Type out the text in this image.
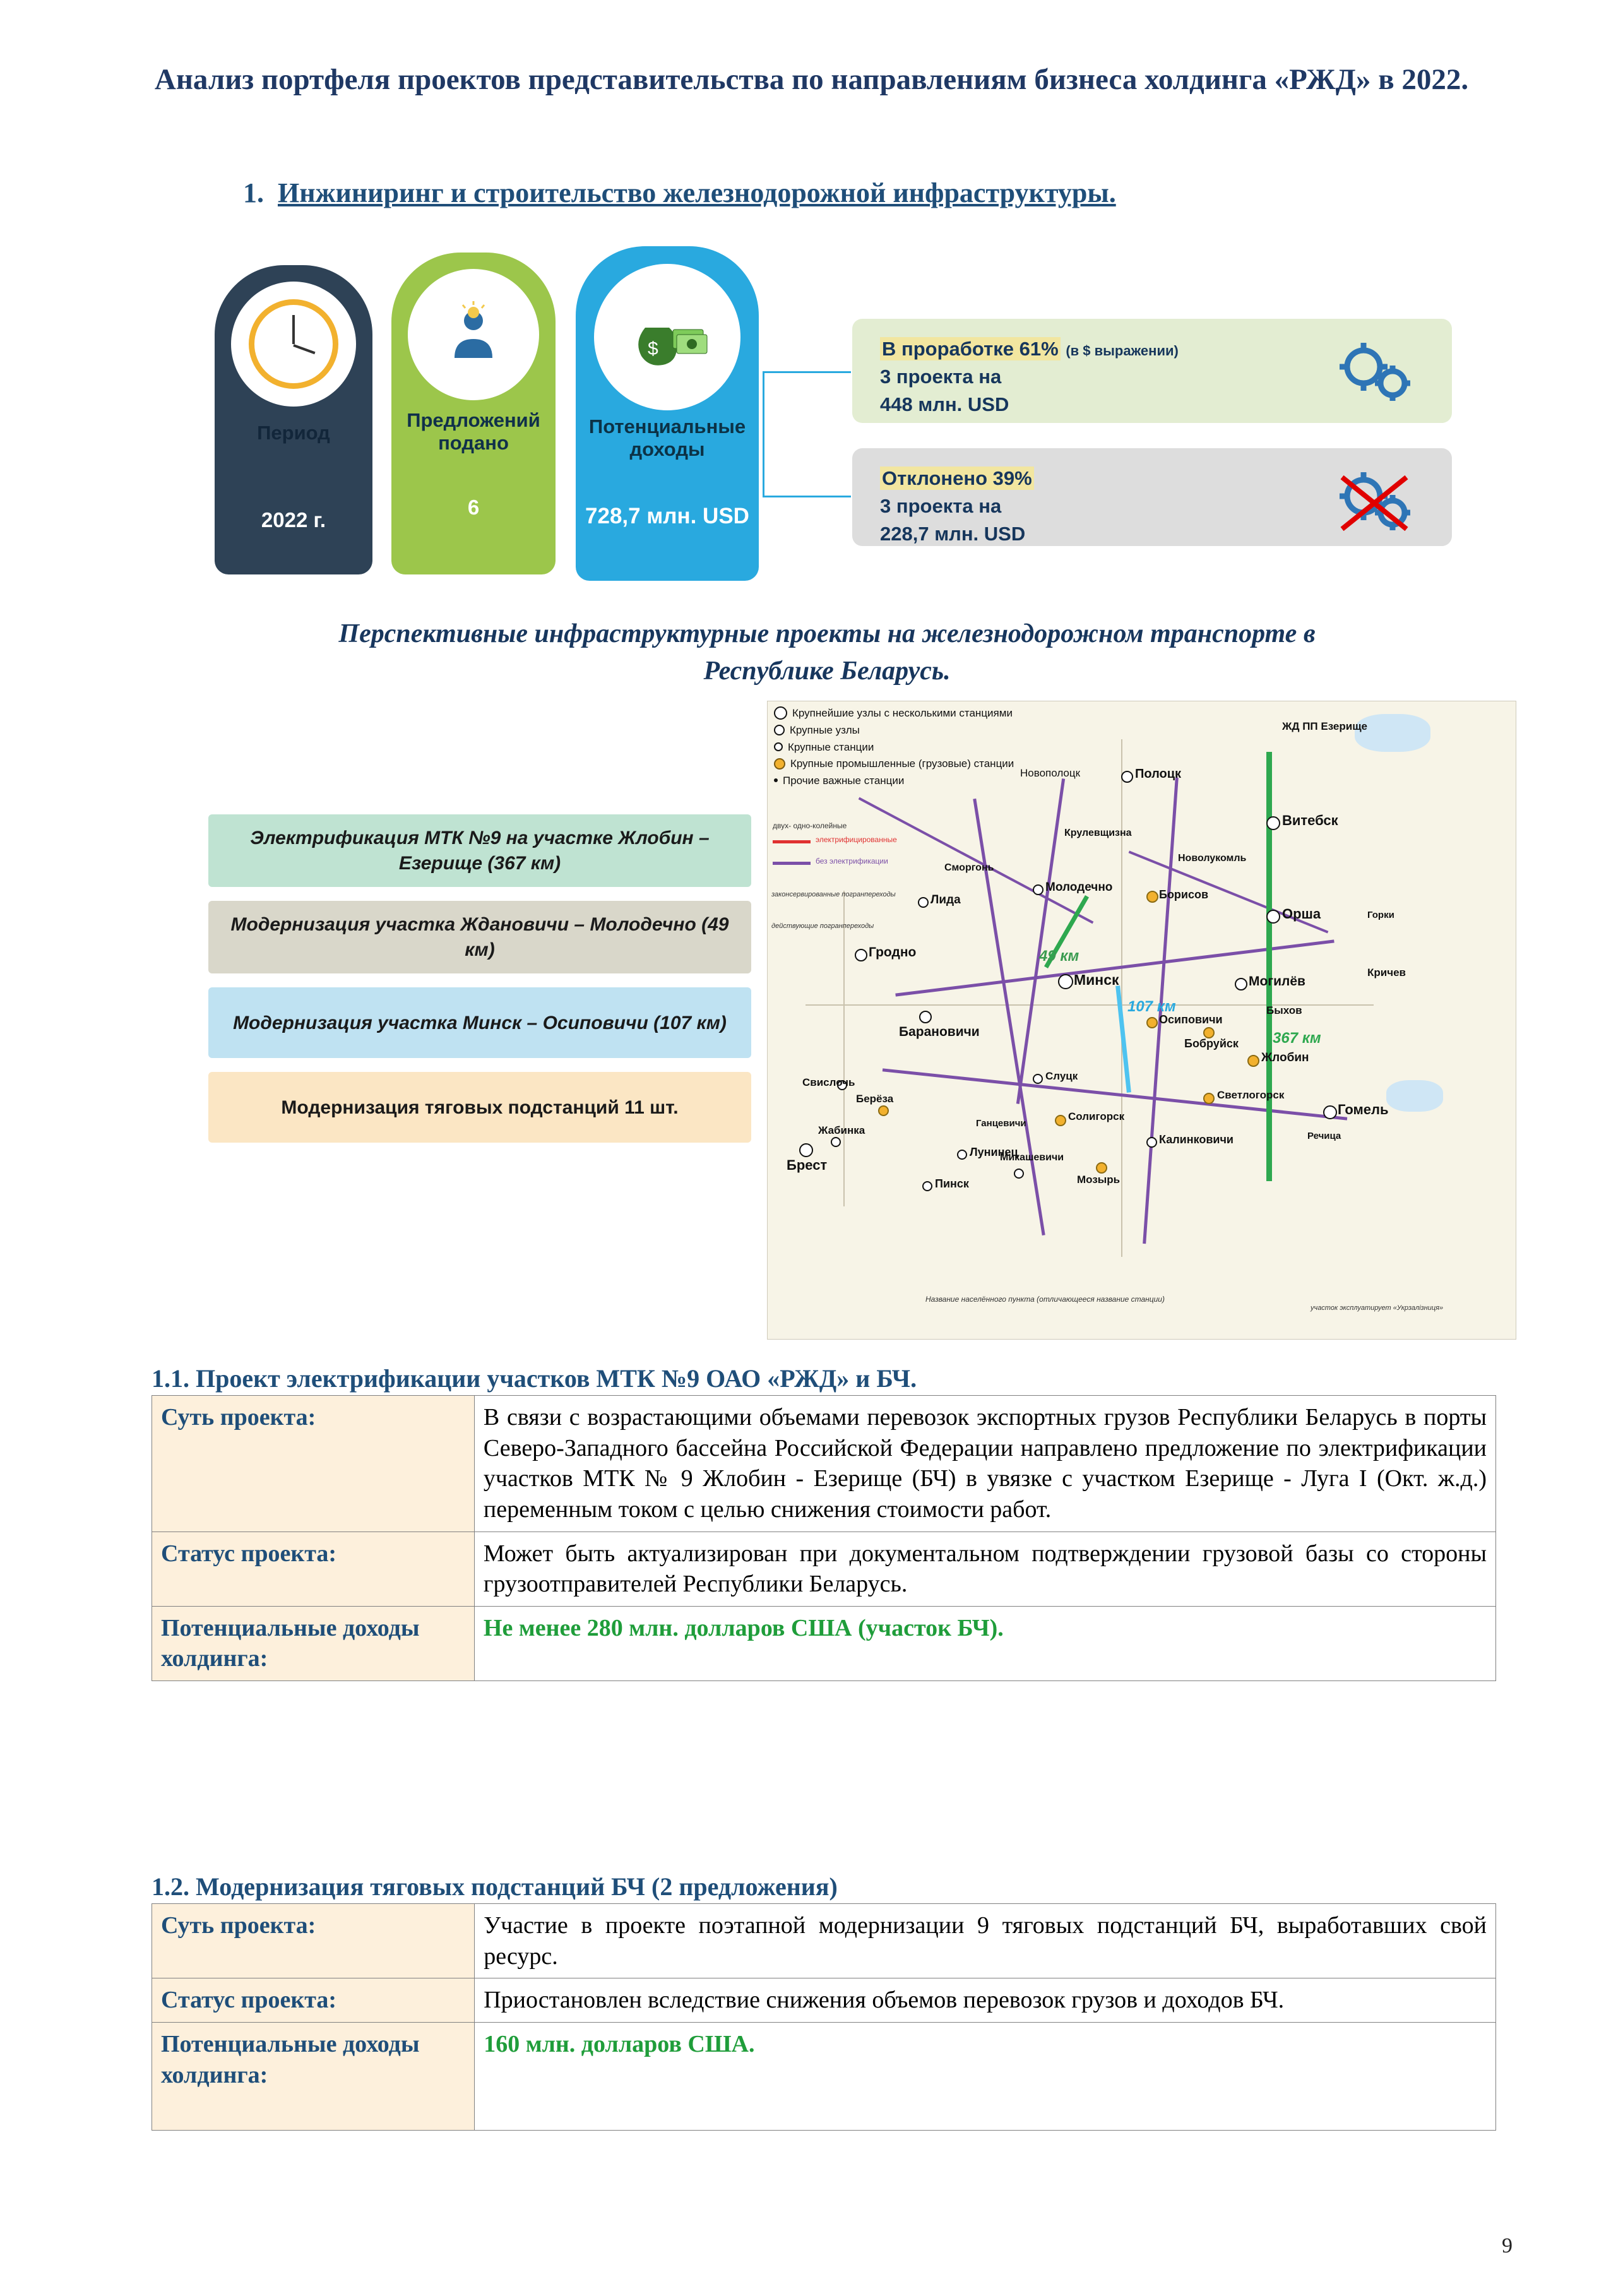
Анализ портфеля проектов представительства по направлениям бизнеса холдинга «РЖД» в 2022.
1. Инжиниринг и строительство железнодорожной инфраструктуры.
Период
2022 г.
Предложений подано
6
$
Потенциальные доходы
728,7 млн. USD
В проработке 61% (в $ выражении)
3 проекта на
448 млн. USD
Отклонено 39%
3 проекта на
228,7 млн. USD
Перспективные инфраструктурные проекты на железнодорожном транспорте в Республике Беларусь.
Электрификация МТК №9 на участке Жлобин – Езерище (367 км)
Модернизация участка Ждановичи – Молодечно (49 км)
Модернизация участка Минск – Осиповичи (107 км)
Модернизация тяговых подстанций 11 шт.
Крупнейшие узлы с несколькими станциями
Крупные узлы
Крупные станции
Крупные промышленные (грузовые) станции
Прочие важные станции
двух- одно-колейные
электрифицированные
без электрификации
законсервированные погранпереходы
действующие погранпереходы
Название населённого пункта (отличающееся название станции)
участок эксплуатирует «Укрзалізниця»
49 км
107 км
367 км
ЖД ПП Езерище
Минск
Витебск
Орша
Могилёв
Гомель
Брест
Гродно
Барановичи
Лида
Полоцк
Новополоцк
Молодечно
Борисов
Жлобин
Бобруйск
Осиповичи
Светлогорск
Мозырь
Калинковичи
Пинск
Лунинец
Солигорск
Слуцк
Жабинка
Свислочь
Берёза
Микашевичи
Кричев
Быхов
Новолукомль
Крулевщизна
Сморгонь
Ганцевичи
Речица
Горки
1.1. Проект электрификации участков МТК №9 ОАО «РЖД» и БЧ.
Суть проекта:	В связи с возрастающими объемами перевозок экспортных грузов Республики Беларусь в порты Северо-Западного бассейна Российской Федерации направлено предложение по электрификации участков МТК № 9 Жлобин - Езерище (БЧ) в увязке с участком Езерище - Луга I (Окт. ж.д.) переменным током с целью снижения стоимости работ.
Статус проекта:	Может быть актуализирован при документальном подтверждении грузовой базы со стороны грузоотправителей Республики Беларусь.
Потенциальные доходы холдинга:	Не менее 280 млн. долларов США (участок БЧ).
1.2. Модернизация тяговых подстанций БЧ (2 предложения)
Суть проекта:	Участие в проекте поэтапной модернизации 9 тяговых подстанций БЧ, выработавших свой ресурс.
Статус проекта:	Приостановлен вследствие снижения объемов перевозок грузов и доходов БЧ.
Потенциальные доходы холдинга:	160 млн. долларов США.
9
